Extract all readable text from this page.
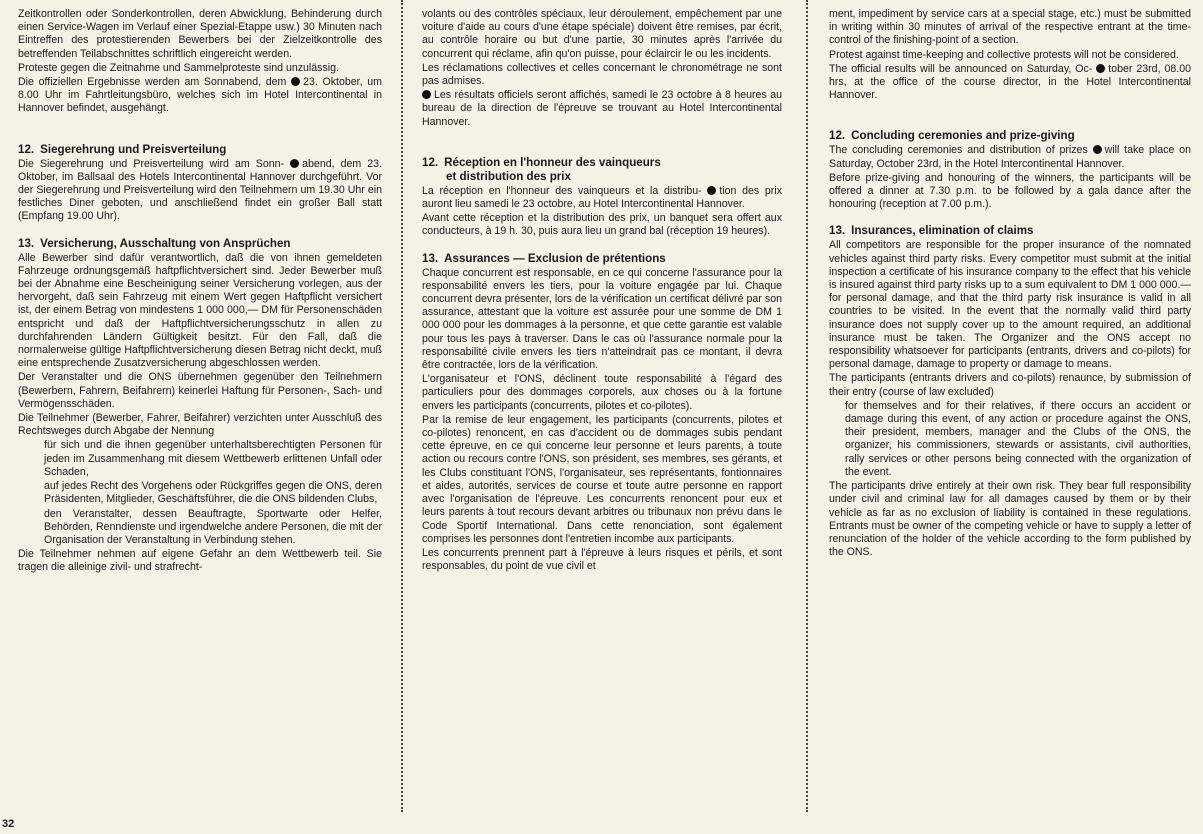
Zeitkontrollen oder Sonderkontrollen, deren Abwicklung, Behinderung durch einen Service-Wagen im Verlauf einer Spezial-Etappe usw.) 30 Minuten nach Eintreffen des protestierenden Bewerbers bei der Zielzeitkontrolle des betreffenden Teilabschnittes schriftlich eingereicht werden.

Proteste gegen die Zeitnahme und Sammelproteste sind unzulässig.

Die offiziellen Ergebnisse werden am Sonnabend, dem 23. Oktober, um 8.00 Uhr im Fahrtleitungsbüro, welches sich im Hotel Intercontinental in Hannover befindet, ausgehängt.

12. Siegerehrung und Preisverteilung

Die Siegerehrung und Preisverteilung wird am Sonn- abend, dem 23. Oktober, im Ballsaal des Hotels Intercontinental Hannover durchgeführt. Vor der Siegerehrung und Preisverteilung wird den Teilnehmern um 19.30 Uhr ein festliches Diner geboten, und anschließend findet ein großer Ball statt (Empfang 19.00 Uhr).

13. Versicherung, Ausschaltung von Ansprüchen

Alle Bewerber sind dafür verantwortlich, daß die von ihnen gemeldeten Fahrzeuge ordnungsgemäß haftpflichtversichert sind. Jeder Bewerber muß bei der Abnahme eine Bescheinigung seiner Versicherung vorlegen, aus der hervorgeht, daß sein Fahrzeug mit einem Wert gegen Haftpflicht versichert ist, der einem Betrag von mindestens 1 000 000,— DM für Personenschäden entspricht und daß der Haftpflichtversicherungsschutz in allen zu durchfahrenden Ländern Gültigkeit besitzt. Für den Fall, daß die normalerweise gültige Haftpflichtversicherung diesen Betrag nicht deckt, muß eine entsprechende Zusatzversicherung abgeschlossen werden.

Der Veranstalter und die ONS übernehmen gegenüber den Teilnehmern (Bewerbern, Fahrern, Beifahrern) keinerlei Haftung für Personen-, Sach- und Vermögensschäden.

Die Teilnehmer (Bewerber, Fahrer, Beifahrer) verzichten unter Ausschluß des Rechtsweges durch Abgabe der Nennung

für sich und die ihnen gegenüber unterhaltsberechtigten Personen für jeden im Zusammenhang mit diesem Wettbewerb erlittenen Unfall oder Schaden,

auf jedes Recht des Vorgehens oder Rückgriffes gegen die ONS, deren Präsidenten, Mitglieder, Geschäftsführer, die die ONS bildenden Clubs,

den Veranstalter, dessen Beauftragte, Sportwarte oder Helfer, Behörden, Renndienste und irgendwelche andere Personen, die mit der Organisation der Veranstaltung in Verbindung stehen.

Die Teilnehmer nehmen auf eigene Gefahr an dem Wettbewerb teil. Sie tragen die alleinige zivil- und strafrecht-

volants ou des contrôles spéciaux, leur déroulement, empêchement par une voiture d'aide au cours d'une étape spéciale) doivent être remises, par écrit, au contrôle horaire ou but d'une partie, 30 minutes après l'arrivée du concurrent qui réclame, afin qu'on puisse, pour éclaircir le ou les incidents.

Les réclamations collectives et celles concernant le chronométrage ne sont pas admises.

Les résultats officiels seront affichés, samedi le 23 octobre à 8 heures au bureau de la direction de l'épreuve se trouvant au Hotel Intercontinental Hannover.

12. Réception en l'honneur des vainqueurs
et distribution des prix

La réception en l'honneur des vainqueurs et la distribu- tion des prix auront lieu samedi le 23 octobre, au Hotel Intercontinental Hannover.

Avant cette réception et la distribution des prix, un banquet sera offert aux conducteurs, à 19 h. 30, puis aura lieu un grand bal (réception 19 heures).

13. Assurances — Exclusion de prétentions

Chaque concurrent est responsable, en ce qui concerne l'assurance pour la responsabilité envers les tiers, pour la voiture engagée par lui. Chaque concurrent devra présenter, lors de la vérification un certificat délivré par son assurance, attestant que la voiture est assurée pour une somme de DM 1 000 000 pour les dommages à la personne, et que cette garantie est valable pour tous les pays à traverser. Dans le cas où l'assurance normale pour la responsabilité civile envers les tiers n'atteindrait pas ce montant, il devra être contractée, lors de la vérification.

L'organisateur et l'ONS, déclinent toute responsabilité à l'égard des particuliers pour des dommages corporels, aux choses ou à la fortune envers les participants (concurrents, pilotes et co-pilotes).

Par la remise de leur engagement, les participants (concurrents, pilotes et co-pilotes) renoncent, en cas d'accident ou de dommages subis pendant cette épreuve, en ce qui concerne leur personne et leurs parents, à toute action ou recours contre l'ONS, son président, ses membres, ses gérants, et les Clubs constituant l'ONS, l'organisateur, ses représentants, fontionnaires et aides, autorités, services de course et toute autre personne en rapport avec l'organisation de l'épreuve. Les concurrents renoncent pour eux et leurs parents à tout recours devant arbitres ou tribunaux non prévu dans le Code Sportif International. Dans cette renonciation, sont également comprises les personnes dont l'entretien incombe aux participants.

Les concurrents prennent part à l'épreuve à leurs risques et périls, et sont responsables, du point de vue civil et

ment, impediment by service cars at a special stage, etc.) must be submitted in writing within 30 minutes of arrival of the respective entrant at the time-control of the finishing-point of a section.

Protest against time-keeping and collective protests will not be considered.

The official results will be announced on Saturday, Oc- tober 23rd, 08.00 hrs, at the office of the course director, in the Hotel Intercontinental Hannover.

12. Concluding ceremonies and prize-giving

The concluding ceremonies and distribution of prizes will take place on Saturday, October 23rd, in the Hotel Intercontinental Hannover.

Before prize-giving and honouring of the winners, the participants will be offered a dinner at 7.30 p.m. to be followed by a gala dance after the honouring (reception at 7.00 p.m.).

13. Insurances, elimination of claims

All competitors are responsible for the proper insurance of the nomnated vehicles against third party risks. Every competitor must submit at the initial inspection a certificate of his insurance company to the effect that his vehicle is insured against third party risks up to a sum equivalent to DM 1 000 000.— for personal damage, and that the third party risk insurance is valid in all countries to be visited. In the event that the normally valid third party insurance does not supply cover up to the amount required, an additional insurance must be taken. The Organizer and the ONS accept no responsibility whatsoever for participants (entrants, drivers and co-pilots) for personal damage, damage to property or damage to means.

The participants (entrants drivers and co-pilots) renaunce, by submission of their entry (course of law excluded)

for themselves and for their relatives, if there occurs an accident or damage during this event, of any action or procedure against the ONS, their president, members, manager and the Clubs of the ONS, the organizer, his commissioners, stewards or assistants, civil authorities, rally services or other persons being connected with the organization of the event.

The participants drive entirely at their own risk. They bear full responsibility under civil and criminal law for all damages caused by them or by their vehicle as far as no exclusion of liability is contained in these regulations. Entrants must be owner of the competing vehicle or have to supply a letter of renunciation of the holder of the vehicle according to the form published by the ONS.

32
